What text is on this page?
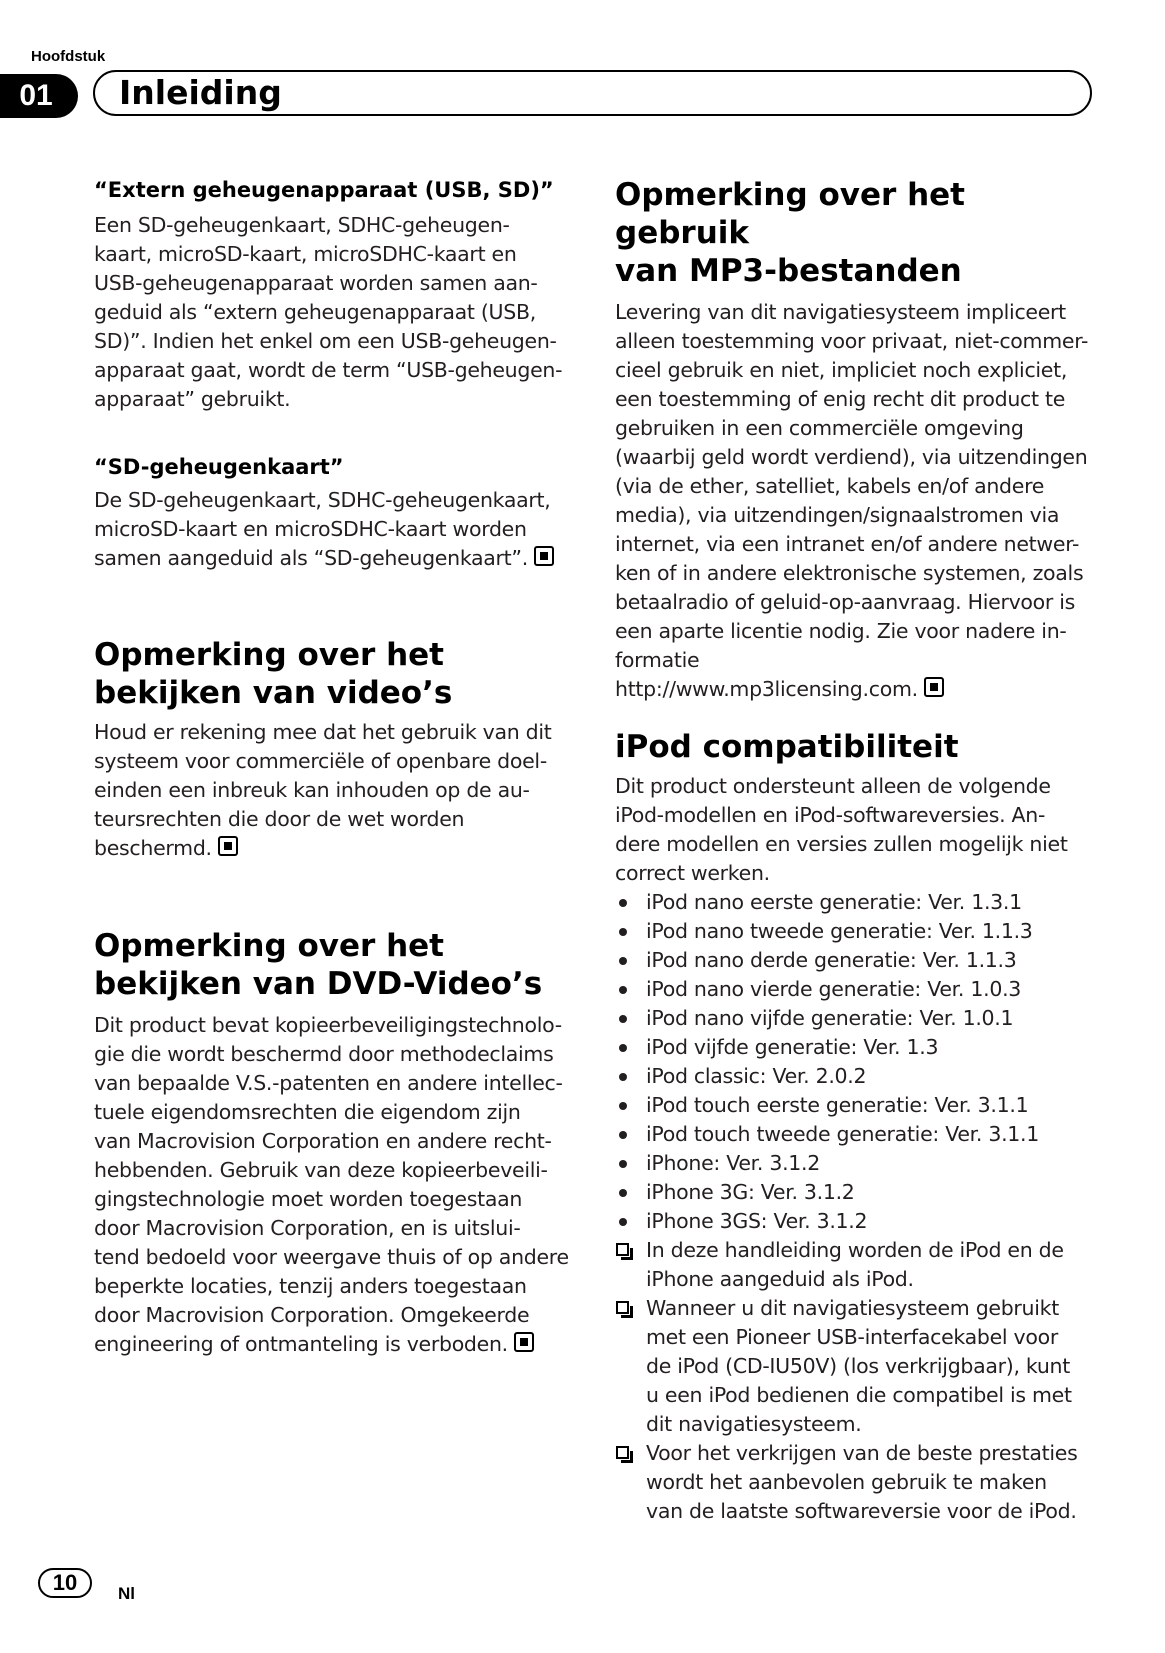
Hoofdstuk
01	Inleiding

“Extern geheugenapparaat (USB, SD)”

Een SD-geheugenkaart, SDHC-geheugen-
kaart, microSD-kaart, microSDHC-kaart en
USB-geheugenapparaat worden samen aan-
geduid als “extern geheugenapparaat (USB,
SD)”. Indien het enkel om een USB-geheugen-
apparaat gaat, wordt de term “USB-geheugen-
apparaat” gebruikt.

“SD-geheugenkaart”

De SD-geheugenkaart, SDHC-geheugenkaart,
microSD-kaart en microSDHC-kaart worden
samen aangeduid als “SD-geheugenkaart”.

Opmerking over het
bekijken van video’s

Houd er rekening mee dat het gebruik van dit
systeem voor commerciële of openbare doel-
einden een inbreuk kan inhouden op de au-
teursrechten die door de wet worden
beschermd.

Opmerking over het
bekijken van DVD-Video’s

Dit product bevat kopieerbeveiligingstechnolo-
gie die wordt beschermd door methodeclaims
van bepaalde V.S.-patenten en andere intellec-
tuele eigendomsrechten die eigendom zijn
van Macrovision Corporation en andere recht-
hebbenden. Gebruik van deze kopieerbeveili-
gingstechnologie moet worden toegestaan
door Macrovision Corporation, en is uitslui-
tend bedoeld voor weergave thuis of op andere
beperkte locaties, tenzij anders toegestaan
door Macrovision Corporation. Omgekeerde
engineering of ontmanteling is verboden.

Opmerking over het gebruik
van MP3-bestanden

Levering van dit navigatiesysteem impliceert
alleen toestemming voor privaat, niet-commer-
cieel gebruik en niet, impliciet noch expliciet,
een toestemming of enig recht dit product te
gebruiken in een commerciële omgeving
(waarbij geld wordt verdiend), via uitzendingen
(via de ether, satelliet, kabels en/of andere
media), via uitzendingen/signaalstromen via
internet, via een intranet en/of andere netwer-
ken of in andere elektronische systemen, zoals
betaalradio of geluid-op-aanvraag. Hiervoor is
een aparte licentie nodig. Zie voor nadere in-
formatie
http://www.mp3licensing.com.

iPod compatibiliteit

Dit product ondersteunt alleen de volgende
iPod-modellen en iPod-softwareversies. An-
dere modellen en versies zullen mogelijk niet
correct werken.

iPod nano eerste generatie: Ver. 1.3.1
iPod nano tweede generatie: Ver. 1.1.3
iPod nano derde generatie: Ver. 1.1.3
iPod nano vierde generatie: Ver. 1.0.3
iPod nano vijfde generatie: Ver. 1.0.1
iPod vijfde generatie: Ver. 1.3
iPod classic: Ver. 2.0.2
iPod touch eerste generatie: Ver. 3.1.1
iPod touch tweede generatie: Ver. 3.1.1
iPhone: Ver. 3.1.2
iPhone 3G: Ver. 3.1.2
iPhone 3GS: Ver. 3.1.2
In deze handleiding worden de iPod en de
iPhone aangeduid als iPod.
Wanneer u dit navigatiesysteem gebruikt
met een Pioneer USB-interfacekabel voor
de iPod (CD-IU50V) (los verkrijgbaar), kunt
u een iPod bedienen die compatibel is met
dit navigatiesysteem.
Voor het verkrijgen van de beste prestaties
wordt het aanbevolen gebruik te maken
van de laatste softwareversie voor de iPod.
10	Nl
